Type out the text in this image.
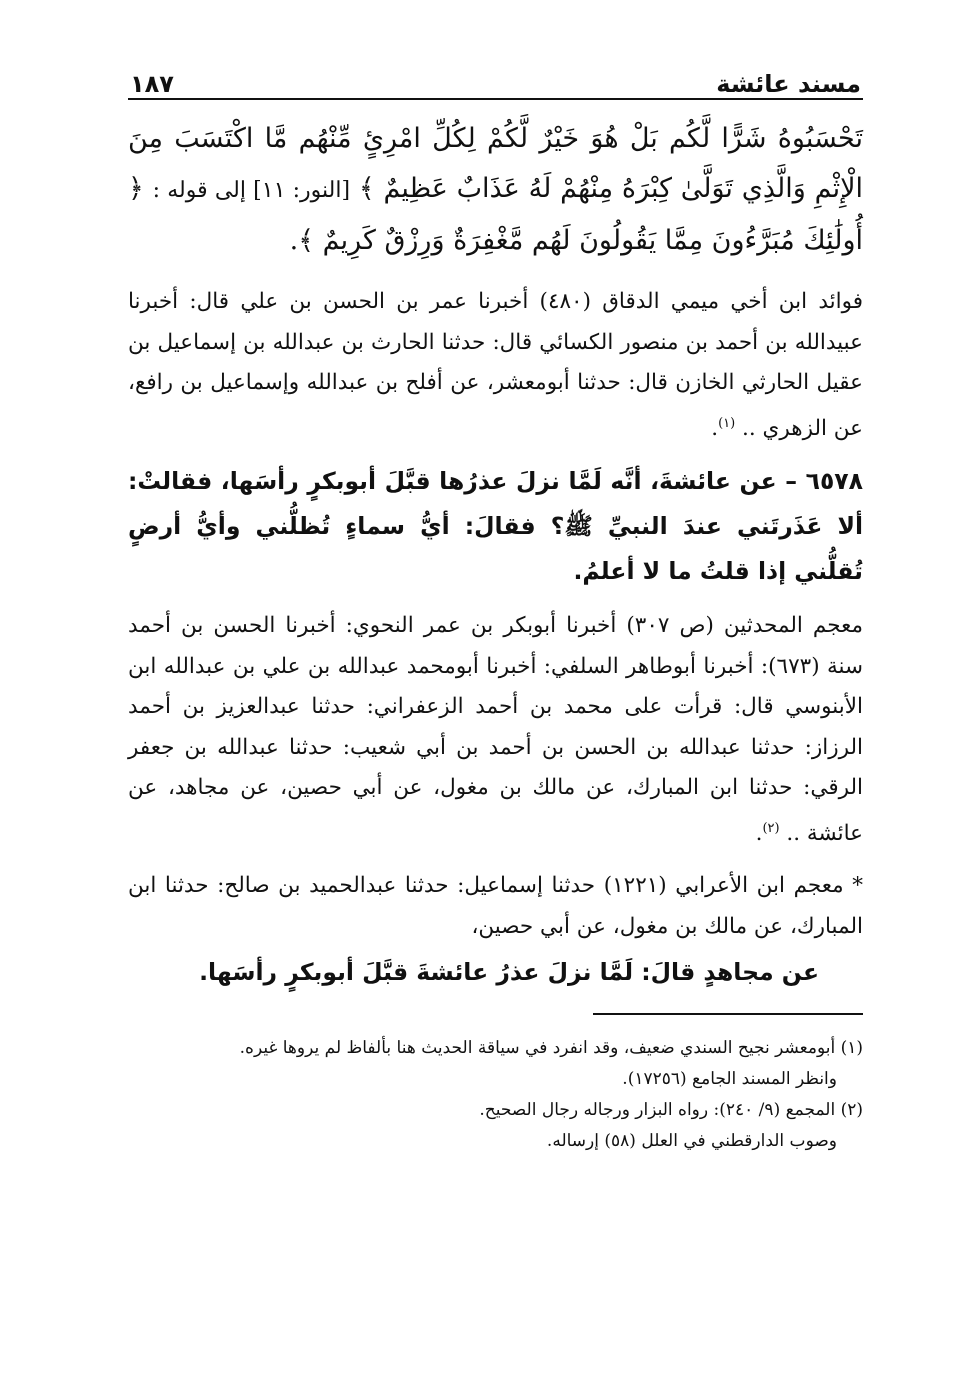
مسند عائشة
١٨٧
تَحْسَبُوهُ شَرًّا لَّكُم بَلْ هُوَ خَيْرٌ لَّكُمْ لِكُلِّ امْرِئٍ مِّنْهُم مَّا اكْتَسَبَ مِنَ الْإِثْمِ وَالَّذِي تَوَلَّىٰ كِبْرَهُ مِنْهُمْ لَهُ عَذَابٌ عَظِيمٌ ﴾ [النور: ١١] إلى قوله : ﴿ أُولَٰئِكَ مُبَرَّءُونَ مِمَّا يَقُولُونَ لَهُم مَّغْفِرَةٌ وَرِزْقٌ كَرِيمٌ ﴾.

فوائد ابن أخي ميمي الدقاق (٤٨٠) أخبرنا عمر بن الحسن بن علي قال: أخبرنا عبيدالله بن أحمد بن منصور الكسائي قال: حدثنا الحارث بن عبدالله بن إسماعيل بن عقيل الحارثي الخازن قال: حدثنا أبومعشر، عن أفلح بن عبدالله وإسماعيل بن رافع، عن الزهري .. $^{(١)}$.

٦٥٧٨ – عن عائشةَ، أنَّه لَمَّا نزلَ عذرُها قبَّلَ أبوبكرٍ رأسَها، فقالتْ: ألا عَذَرتَني عندَ النبيِّ ﷺ؟ فقالَ: أيُّ سماءٍ تُظلُّني وأيُّ أرضٍ تُقلُّني إذا قلتُ ما لا أعلمُ.

معجم المحدثين (ص ٣٠٧) أخبرنا أبوبكر بن عمر النحوي: أخبرنا الحسن بن أحمد سنة (٦٧٣): أخبرنا أبوطاهر السلفي: أخبرنا أبومحمد عبدالله بن علي بن عبدالله ابن الأبنوسي قال: قرأت على محمد بن أحمد الزعفراني: حدثنا عبدالعزيز بن أحمد الرزاز: حدثنا عبدالله بن الحسن بن أحمد بن أبي شعيب: حدثنا عبدالله بن جعفر الرقي: حدثنا ابن المبارك، عن مالك بن مغول، عن أبي حصين، عن مجاهد، عن عائشة .. $^{(٢)}$.

* معجم ابن الأعرابي (١٢٢١) حدثنا إسماعيل: حدثنا عبدالحميد بن صالح: حدثنا ابن المبارك، عن مالك بن مغول، عن أبي حصين،

عن مجاهدٍ قالَ: لَمَّا نزلَ عذرُ عائشةَ قبَّلَ أبوبكرٍ رأسَها.

(١) أبومعشر نجيح السندي ضعيف، وقد انفرد في سياقة الحديث هنا بألفاظ لم يروها غيره.

وانظر المسند الجامع (١٧٢٥٦).

(٢) المجمع (٩/ ٢٤٠): رواه البزار ورجاله رجال الصحيح.

وصوب الدارقطني في العلل (٥٨) إرساله.
